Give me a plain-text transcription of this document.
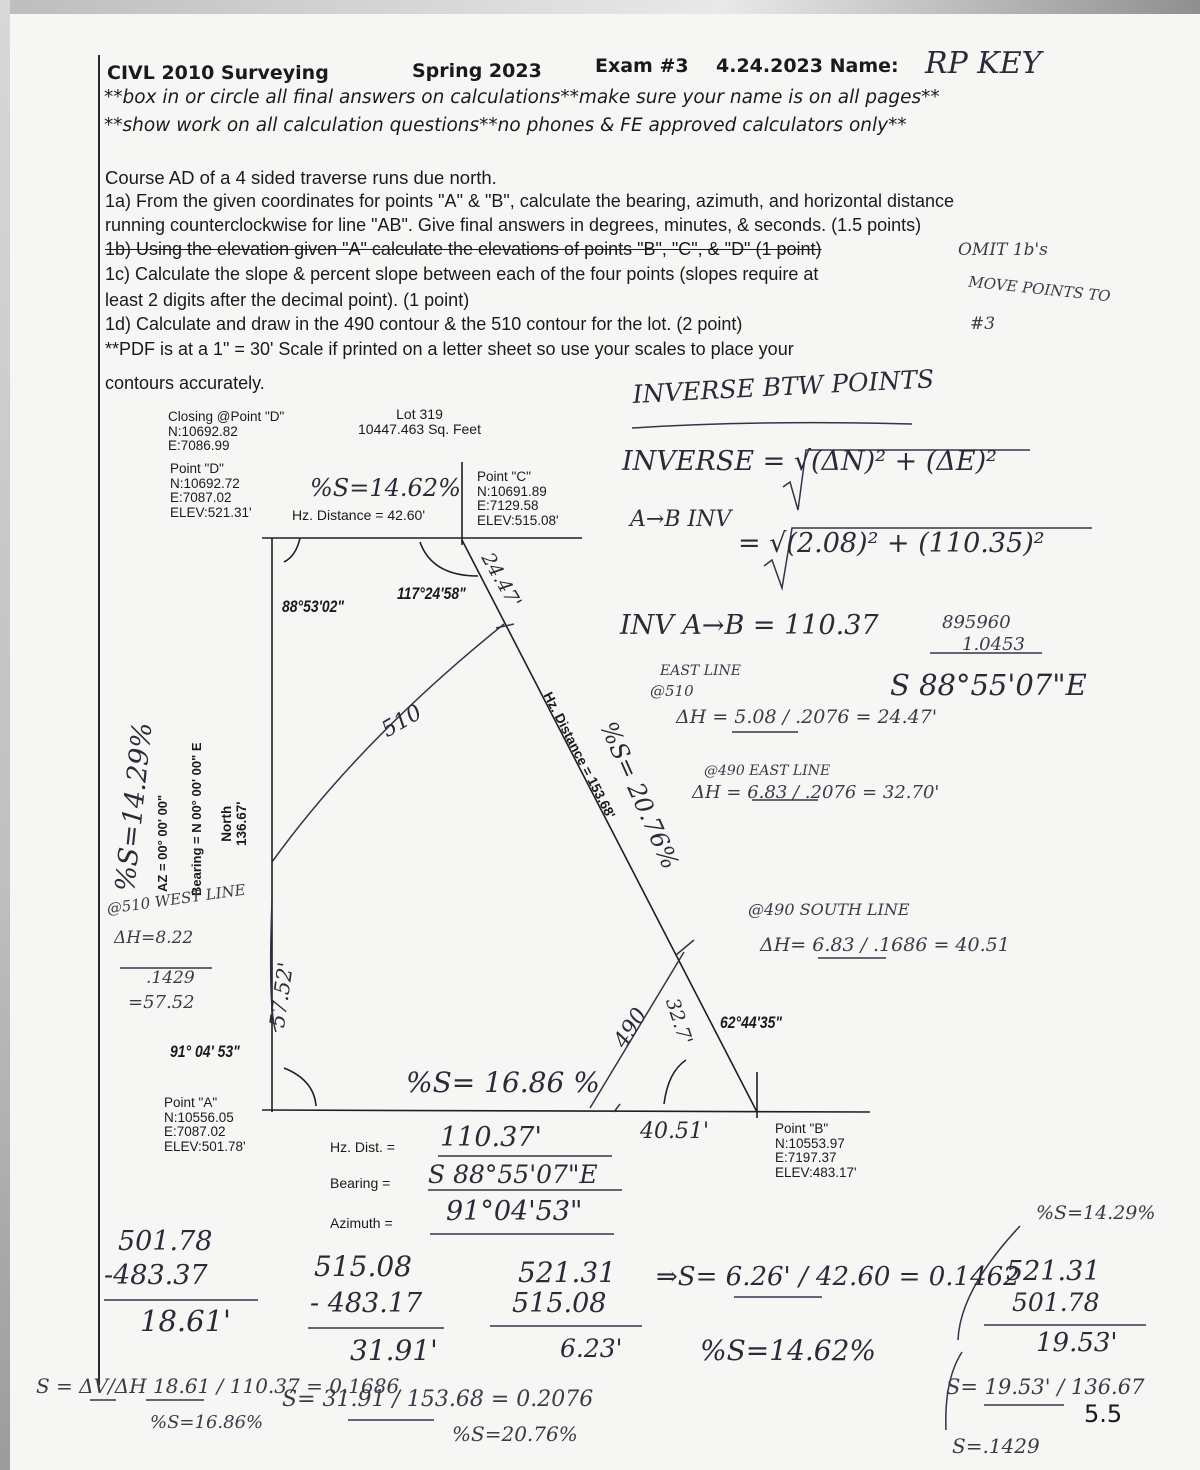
CIVL 2010 Surveying	Spring 2023	Exam #3 4.24.2023 Name: RP KEY
**box in or circle all final answers on calculations**make sure your name is on all pages**
**show work on all calculation questions**no phones & FE approved calculators only**
Course AD of a 4 sided traverse runs due north.
1a) From the given coordinates for points "A" & "B", calculate the bearing, azimuth, and horizontal distance
running counterclockwise for line "AB". Give final answers in degrees, minutes, & seconds. (1.5 points)
1b) Using the elevation given "A" calculate the elevations of points "B", "C", & "D" (1 point)
1c) Calculate the slope & percent slope between each of the four points (slopes require at
least 2 digits after the decimal point). (1 point)
1d) Calculate and draw in the 490 contour & the 510 contour for the lot. (2 point)
**PDF is at a 1" = 30' Scale if printed on a letter sheet so use your scales to place your
contours accurately.
OMIT 1b's
MOVE POINTS TO
#3
Closing @Point "D"
N:10692.82
E:7086.99
Lot 319
10447.463 Sq. Feet
Point "D"
N:10692.72
E:7087.02
ELEV:521.31'
Point "C"
N:10691.89
E:7129.58
ELEV:515.08'
Hz. Distance = 42.60'
88°53'02"
117°24'58"
Hz. Distance = 153.68'
North
136.67'
Bearing = N 00° 00' 00" E
AZ = 00° 00' 00"
91° 04' 53"
62°44'35"
Point "A"
N:10556.05
E:7087.02
ELEV:501.78'
Point "B"
N:10553.97
E:7197.37
ELEV:483.17'
Hz. Dist. =
Bearing =
Azimuth =
110.37'
S 88°55'07"E
91°04'53"
%S=14.62%
%S=14.29%	%S= 20.76%
%S= 16.86 %
24.47'
510
490 32.7'
40.51'
57.52'
@510 WEST LINE
ΔH=8.22
.1429
=57.52
INVERSE BTW POINTS
INVERSE = √(ΔN)² + (ΔE)²
A→B INV
= √(2.08)² + (110.35)²
INV A→B = 110.37	895960
1.0453
S 88°55'07"E
EAST LINE
@510
ΔH = 5.08 / .2076 = 24.47'
@490 EAST LINE
ΔH = 6.83 / .2076 = 32.70'
@490 SOUTH LINE
ΔH= 6.83 / .1686 = 40.51
501.78
-483.37
18.61'
515.08
- 483.17
31.91'
521.31
515.08
6.23'
⇒S= 6.26' / 42.60 = 0.1462
%S=14.62%
S = ΔV/ΔH 18.61 / 110.37 = 0.1686
%S=16.86%
S= 31.91 / 153.68 = 0.2076
%S=20.76%
%S=14.29%
521.31
501.78
19.53'
S= 19.53' / 136.67
S=.1429
5.5
